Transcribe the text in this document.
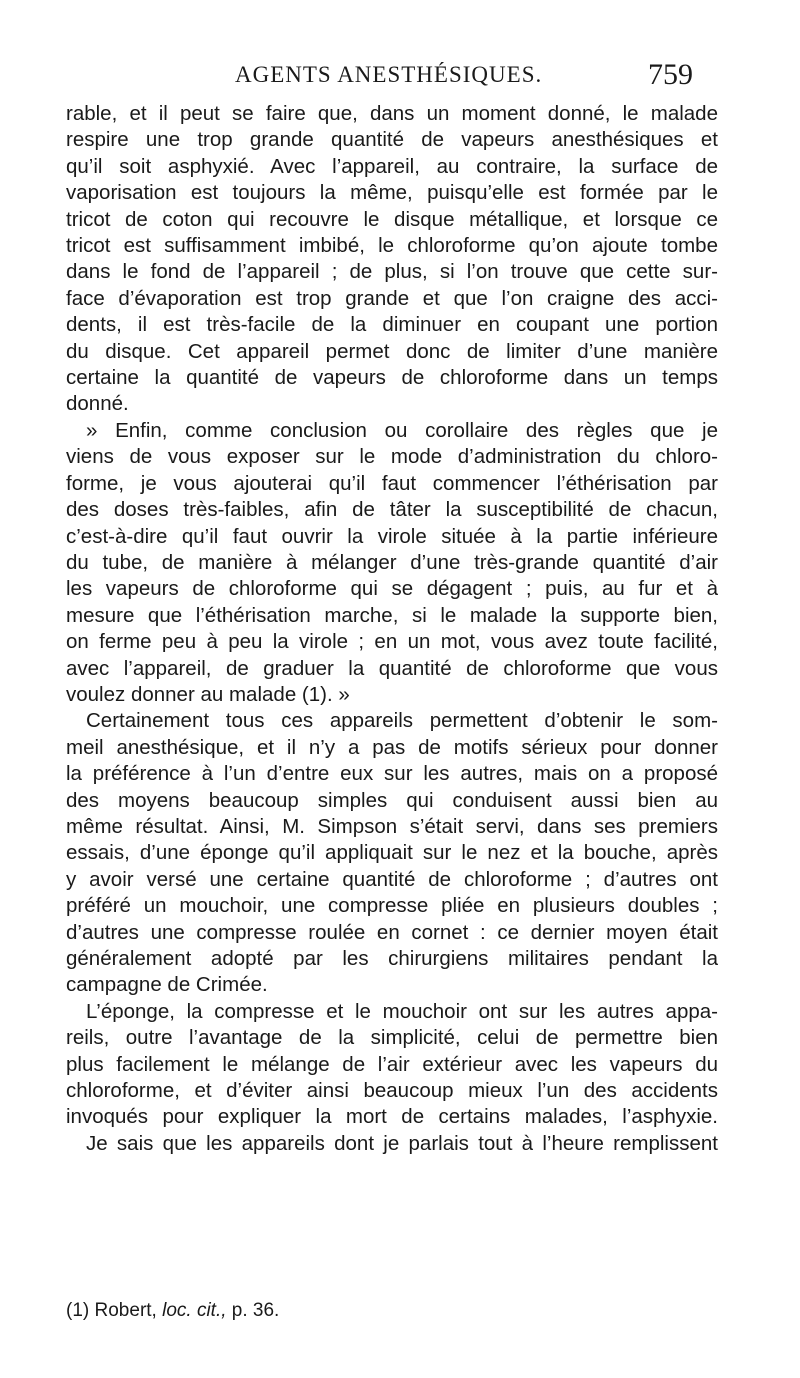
AGENTS ANESTHÉSIQUES.	759
rable, et il peut se faire que, dans un moment donné, le malade
respire une trop grande quantité de vapeurs anesthésiques et
qu’il soit asphyxié. Avec l’appareil, au contraire, la surface de
vaporisation est toujours la même, puisqu’elle est formée par le
tricot de coton qui recouvre le disque métallique, et lorsque ce
tricot est suffisamment imbibé, le chloroforme qu’on ajoute tombe
dans le fond de l’appareil ; de plus, si l’on trouve que cette sur-
face d’évaporation est trop grande et que l’on craigne des acci-
dents, il est très-facile de la diminuer en coupant une portion
du disque. Cet appareil permet donc de limiter d’une manière
certaine la quantité de vapeurs de chloroforme dans un temps
donné.
» Enfin, comme conclusion ou corollaire des règles que je
viens de vous exposer sur le mode d’administration du chloro-
forme, je vous ajouterai qu’il faut commencer l’éthérisation par
des doses très-faibles, afin de tâter la susceptibilité de chacun,
c’est-à-dire qu’il faut ouvrir la virole située à la partie inférieure
du tube, de manière à mélanger d’une très-grande quantité d’air
les vapeurs de chloroforme qui se dégagent ; puis, au fur et à
mesure que l’éthérisation marche, si le malade la supporte bien,
on ferme peu à peu la virole ; en un mot, vous avez toute facilité,
avec l’appareil, de graduer la quantité de chloroforme que vous
voulez donner au malade (1). »
Certainement tous ces appareils permettent d’obtenir le som-
meil anesthésique, et il n’y a pas de motifs sérieux pour donner
la préférence à l’un d’entre eux sur les autres, mais on a proposé
des moyens beaucoup simples qui conduisent aussi bien au
même résultat. Ainsi, M. Simpson s’était servi, dans ses premiers
essais, d’une éponge qu’il appliquait sur le nez et la bouche, après
y avoir versé une certaine quantité de chloroforme ; d’autres ont
préféré un mouchoir, une compresse pliée en plusieurs doubles ;
d’autres une compresse roulée en cornet : ce dernier moyen était
généralement adopté par les chirurgiens militaires pendant la
campagne de Crimée.
L’éponge, la compresse et le mouchoir ont sur les autres appa-
reils, outre l’avantage de la simplicité, celui de permettre bien
plus facilement le mélange de l’air extérieur avec les vapeurs du
chloroforme, et d’éviter ainsi beaucoup mieux l’un des accidents
invoqués pour expliquer la mort de certains malades, l’asphyxie.
Je sais que les appareils dont je parlais tout à l’heure remplissent
(1) Robert, loc. cit., p. 36.
